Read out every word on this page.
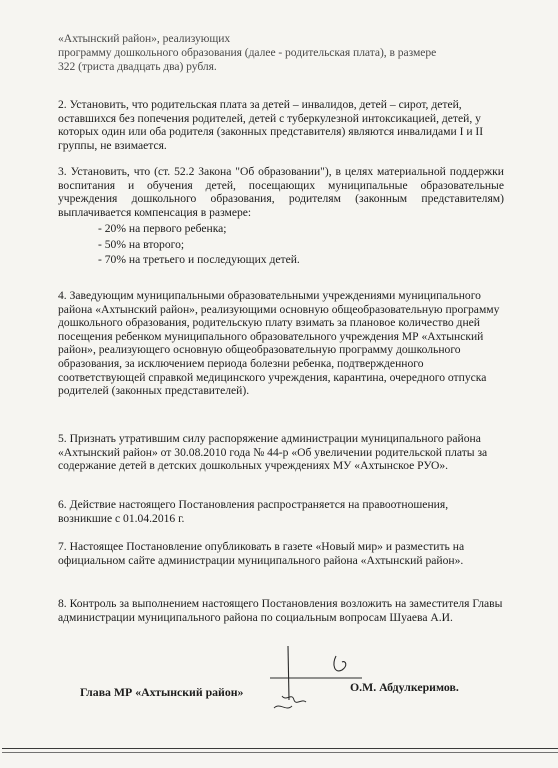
«Ахтынский район», реализующих
программу дошкольного образования (далее - родительская плата), в размере
322 (триста двадцать два) рубля.
2. Установить, что родительская плата за детей – инвалидов, детей – сирот, детей, оставшихся без попечения родителей, детей с туберкулезной интоксикацией, детей, у которых один или оба родителя (законных представителя) являются инвалидами I и II группы, не взимается.
3. Установить, что (ст. 52.2 Закона "Об образовании"), в целях материальной поддержки воспитания и обучения детей, посещающих муниципальные образовательные учреждения дошкольного образования, родителям (законным представителям) выплачивается компенсация в размере:
- 20% на первого ребенка;
- 50% на второго;
- 70% на третьего и последующих детей.
4. Заведующим муниципальными образовательными учреждениями муниципального района «Ахтынский район», реализующими основную общеобразовательную программу дошкольного образования, родительскую плату взимать за плановое количество дней посещения ребенком муниципального образовательного учреждения МР «Ахтынский район», реализующего основную общеобразовательную программу дошкольного образования, за исключением периода болезни ребенка, подтвержденного соответствующей справкой медицинского учреждения, карантина, очередного отпуска родителей (законных представителей).
5. Признать утратившим силу распоряжение администрации муниципального района «Ахтынский район» от 30.08.2010 года № 44-р «Об увеличении родительской платы за содержание детей в детских дошкольных учреждениях МУ «Ахтынское РУО».
6. Действие настоящего Постановления распространяется на правоотношения, возникшие с 01.04.2016 г.
7. Настоящее Постановление опубликовать в газете «Новый мир» и разместить на официальном сайте администрации муниципального района «Ахтынский район».
8. Контроль за выполнением настоящего Постановления возложить на заместителя Главы администрации муниципального района по социальным вопросам Шуаева А.И.
Глава МР «Ахтынский район»	О.М. Абдулкеримов.
